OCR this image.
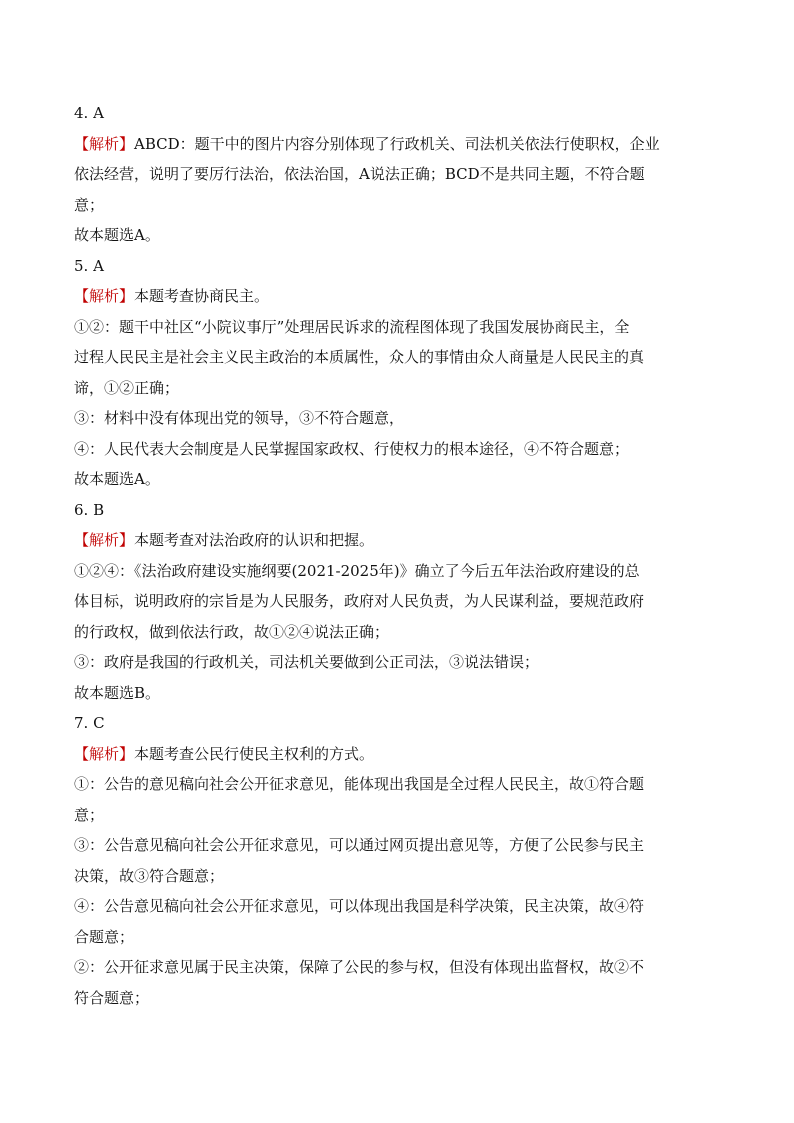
4. A
【解析】ABCD：题干中的图片内容分别体现了行政机关、司法机关依法行使职权，企业
依法经营，说明了要厉行法治，依法治国，A说法正确；BCD不是共同主题，不符合题
意；
故本题选A。
5. A
【解析】本题考查协商民主。
①②：题干中社区“小院议事厅”处理居民诉求的流程图体现了我国发展协商民主，全
过程人民民主是社会主义民主政治的本质属性，众人的事情由众人商量是人民民主的真
谛，①②正确；
③：材料中没有体现出党的领导，③不符合题意，
④：人民代表大会制度是人民掌握国家政权、行使权力的根本途径，④不符合题意；
故本题选A。
6. B
【解析】本题考查对法治政府的认识和把握。
①②④：《法治政府建设实施纲要(2021-2025年)》确立了今后五年法治政府建设的总
体目标，说明政府的宗旨是为人民服务，政府对人民负责，为人民谋利益，要规范政府
的行政权，做到依法行政，故①②④说法正确；
③：政府是我国的行政机关，司法机关要做到公正司法，③说法错误；
故本题选B。
7. C
【解析】本题考查公民行使民主权利的方式。
①：公告的意见稿向社会公开征求意见，能体现出我国是全过程人民民主，故①符合题
意；
③：公告意见稿向社会公开征求意见，可以通过网页提出意见等，方便了公民参与民主
决策，故③符合题意；
④：公告意见稿向社会公开征求意见，可以体现出我国是科学决策，民主决策，故④符
合题意；
②：公开征求意见属于民主决策，保障了公民的参与权，但没有体现出监督权，故②不
符合题意；
